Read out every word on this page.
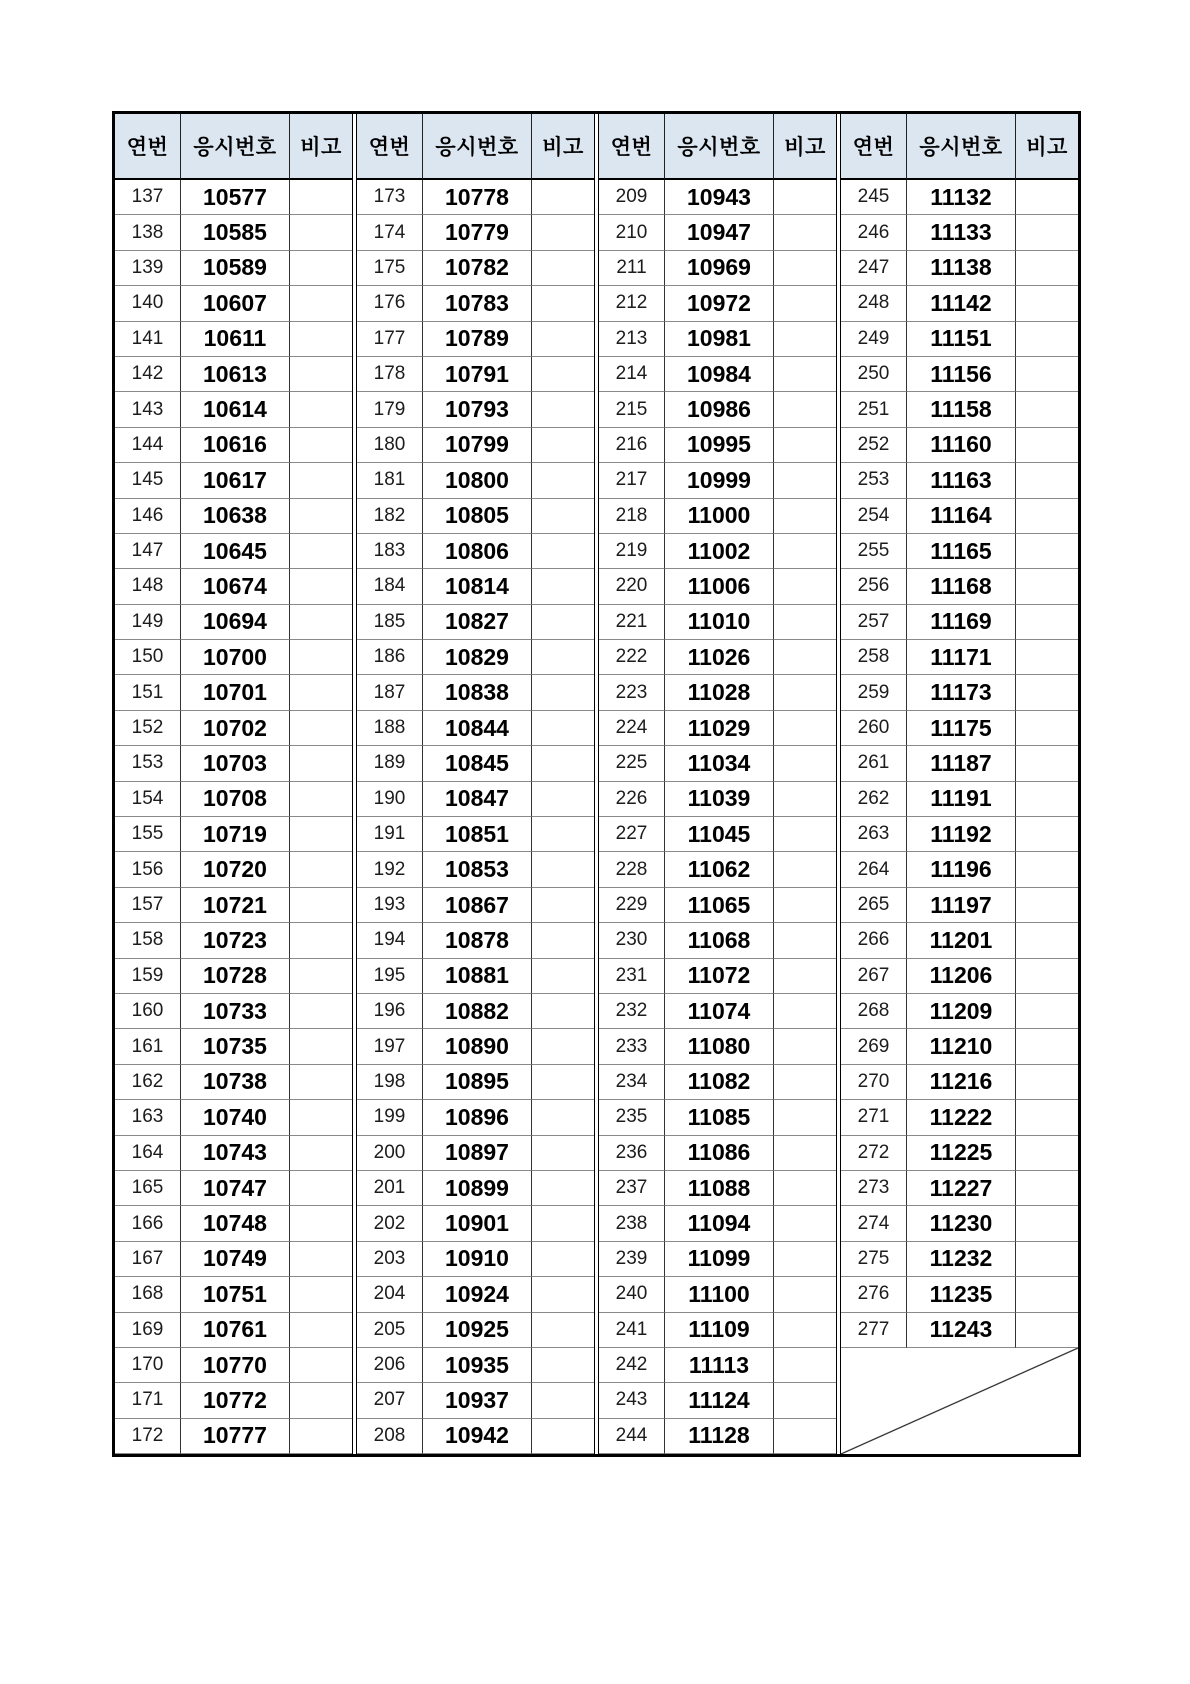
연번	응시번호	비고
137	10577
138	10585
139	10589
140	10607
141	10611
142	10613
143	10614
144	10616
145	10617
146	10638
147	10645
148	10674
149	10694
150	10700
151	10701
152	10702
153	10703
154	10708
155	10719
156	10720
157	10721
158	10723
159	10728
160	10733
161	10735
162	10738
163	10740
164	10743
165	10747
166	10748
167	10749
168	10751
169	10761
170	10770
171	10772
172	10777
연번	응시번호	비고
173	10778
174	10779
175	10782
176	10783
177	10789
178	10791
179	10793
180	10799
181	10800
182	10805
183	10806
184	10814
185	10827
186	10829
187	10838
188	10844
189	10845
190	10847
191	10851
192	10853
193	10867
194	10878
195	10881
196	10882
197	10890
198	10895
199	10896
200	10897
201	10899
202	10901
203	10910
204	10924
205	10925
206	10935
207	10937
208	10942
연번	응시번호	비고
209	10943
210	10947
211	10969
212	10972
213	10981
214	10984
215	10986
216	10995
217	10999
218	11000
219	11002
220	11006
221	11010
222	11026
223	11028
224	11029
225	11034
226	11039
227	11045
228	11062
229	11065
230	11068
231	11072
232	11074
233	11080
234	11082
235	11085
236	11086
237	11088
238	11094
239	11099
240	11100
241	11109
242	11113
243	11124
244	11128
연번	응시번호	비고
245	11132
246	11133
247	11138
248	11142
249	11151
250	11156
251	11158
252	11160
253	11163
254	11164
255	11165
256	11168
257	11169
258	11171
259	11173
260	11175
261	11187
262	11191
263	11192
264	11196
265	11197
266	11201
267	11206
268	11209
269	11210
270	11216
271	11222
272	11225
273	11227
274	11230
275	11232
276	11235
277	11243
